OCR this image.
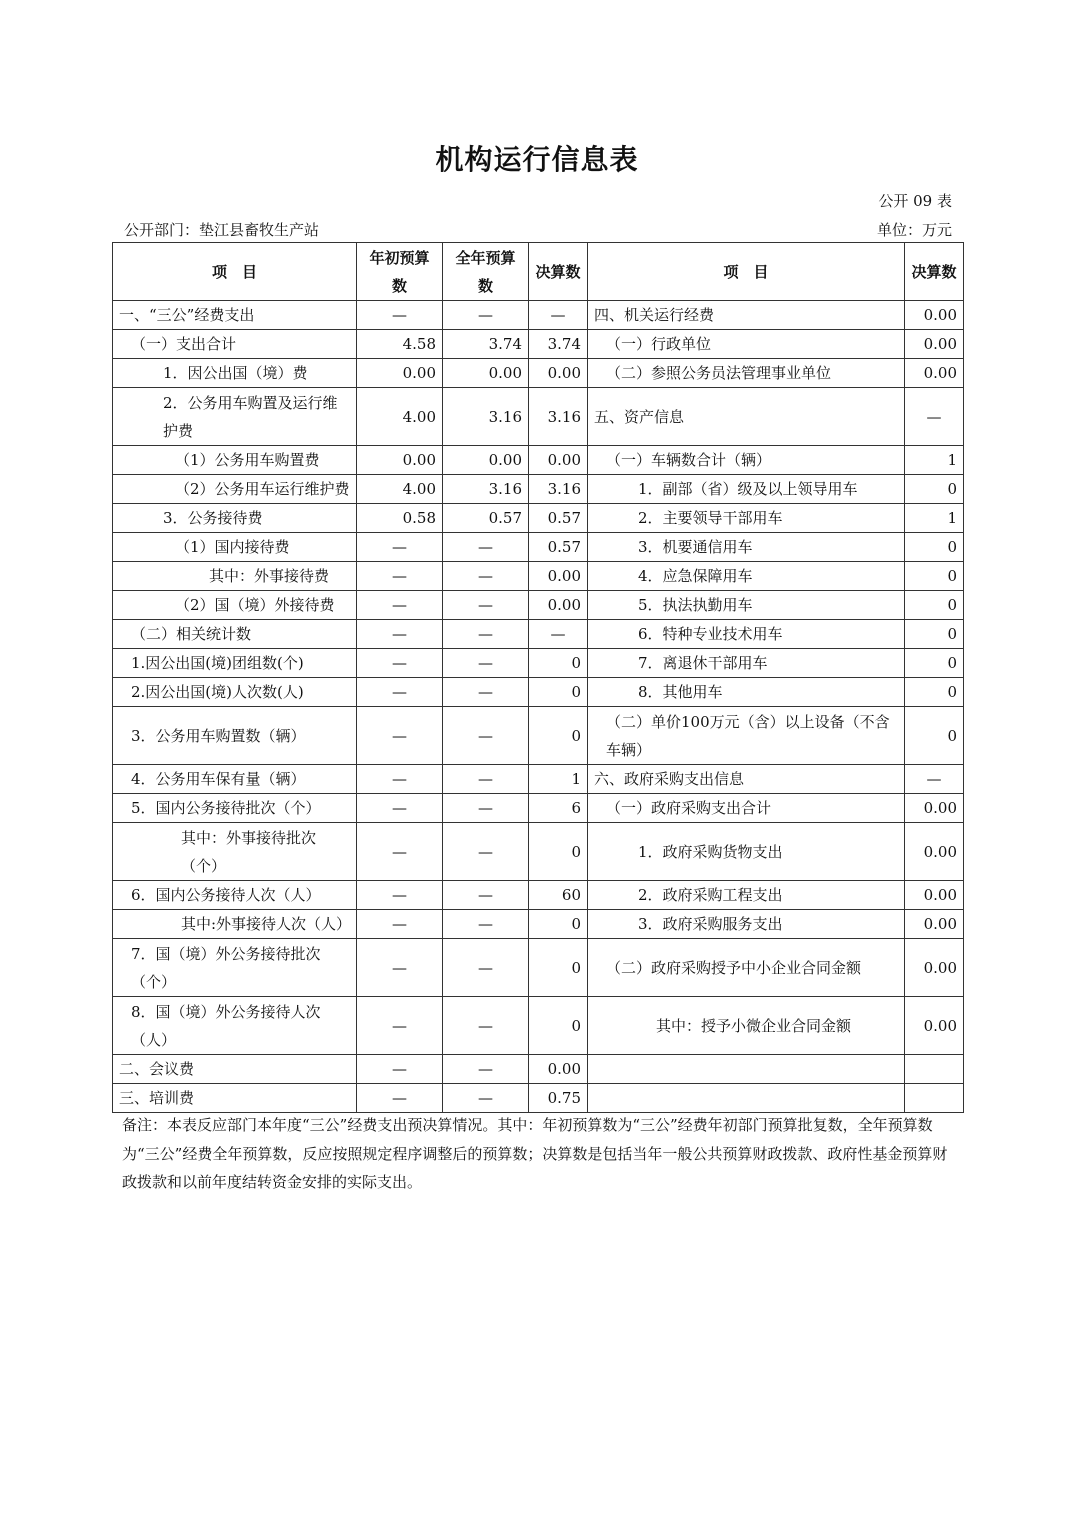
机构运行信息表
公开 09 表
公开部门：垫江县畜牧生产站	单位：万元
项　目	年初预算数	全年预算数	决算数	项　目	决算数
一、“三公”经费支出	—	—	—	四、机关运行经费	0.00
（一）支出合计	4.58	3.74	3.74	（一）行政单位	0.00
1．因公出国（境）费	0.00	0.00	0.00	（二）参照公务员法管理事业单位	0.00
2．公务用车购置及运行维护费	4.00	3.16	3.16	五、资产信息	—
（1）公务用车购置费	0.00	0.00	0.00	（一）车辆数合计（辆）	1
（2）公务用车运行维护费	4.00	3.16	3.16	1．副部（省）级及以上领导用车	0
3．公务接待费	0.58	0.57	0.57	2．主要领导干部用车	1
（1）国内接待费	—	—	0.57	3．机要通信用车	0
其中：外事接待费	—	—	0.00	4．应急保障用车	0
（2）国（境）外接待费	—	—	0.00	5．执法执勤用车	0
（二）相关统计数	—	—	—	6．特种专业技术用车	0
1.因公出国(境)团组数(个)	—	—	0	7．离退休干部用车	0
2.因公出国(境)人次数(人)	—	—	0	8．其他用车	0
3．公务用车购置数（辆）	—	—	0	（二）单价100万元（含）以上设备（不含车辆）	0
4．公务用车保有量（辆）	—	—	1	六、政府采购支出信息	—
5．国内公务接待批次（个）	—	—	6	（一）政府采购支出合计	0.00
其中：外事接待批次（个）	—	—	0	1．政府采购货物支出	0.00
6．国内公务接待人次（人）	—	—	60	2．政府采购工程支出	0.00
其中:外事接待人次（人）	—	—	0	3．政府采购服务支出	0.00
7．国（境）外公务接待批次（个）	—	—	0	（二）政府采购授予中小企业合同金额	0.00
8．国（境）外公务接待人次（人）	—	—	0	其中：授予小微企业合同金额	0.00
二、会议费	—	—	0.00		
三、培训费	—	—	0.75		
备注：本表反应部门本年度“三公”经费支出预决算情况。其中：年初预算数为“三公”经费年初部门预算批复数，全年预算数为“三公”经费全年预算数，反应按照规定程序调整后的预算数；决算数是包括当年一般公共预算财政拨款、政府性基金预算财政拨款和以前年度结转资金安排的实际支出。
